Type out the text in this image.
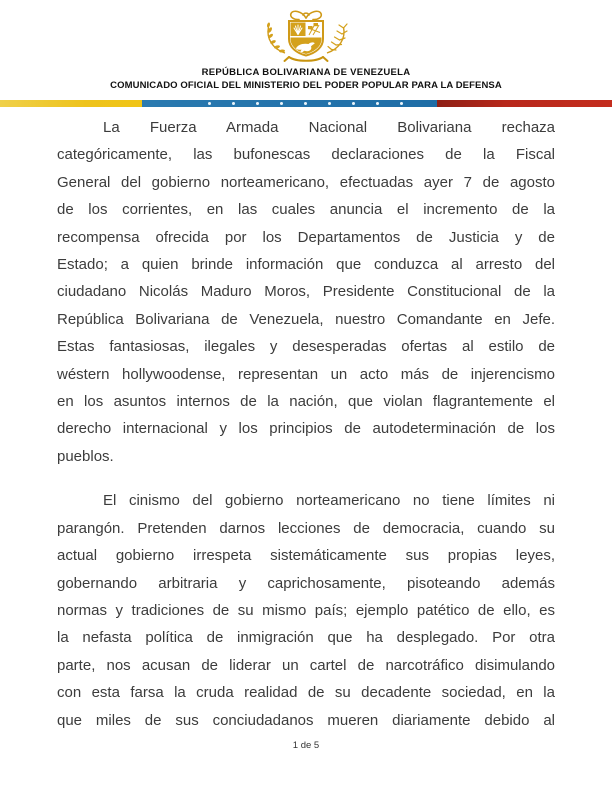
REPÚBLICA BOLIVARIANA DE VENEZUELA
COMUNICADO OFICIAL DEL MINISTERIO DEL PODER POPULAR PARA LA DEFENSA
La Fuerza Armada Nacional Bolivariana rechaza
categóricamente, las bufonescas declaraciones de la Fiscal
General del gobierno norteamericano, efectuadas ayer 7 de agosto
de los corrientes, en las cuales anuncia el incremento de la
recompensa ofrecida por los Departamentos de Justicia y de
Estado; a quien brinde información que conduzca al arresto del
ciudadano Nicolás Maduro Moros, Presidente Constitucional de la
República Bolivariana de Venezuela, nuestro Comandante en Jefe.
Estas fantasiosas, ilegales y desesperadas ofertas al estilo de
wéstern hollywoodense, representan un acto más de injerencismo
en los asuntos internos de la nación, que violan flagrantemente el
derecho internacional y los principios de autodeterminación de los
pueblos.
El cinismo del gobierno norteamericano no tiene límites ni
parangón. Pretenden darnos lecciones de democracia, cuando su
actual gobierno irrespeta sistemáticamente sus propias leyes,
gobernando arbitraria y caprichosamente, pisoteando además
normas y tradiciones de su mismo país; ejemplo patético de ello, es
la nefasta política de inmigración que ha desplegado. Por otra
parte, nos acusan de liderar un cartel de narcotráfico disimulando
con esta farsa la cruda realidad de su decadente sociedad, en la
que miles de sus conciudadanos mueren diariamente debido al
1 de 5
